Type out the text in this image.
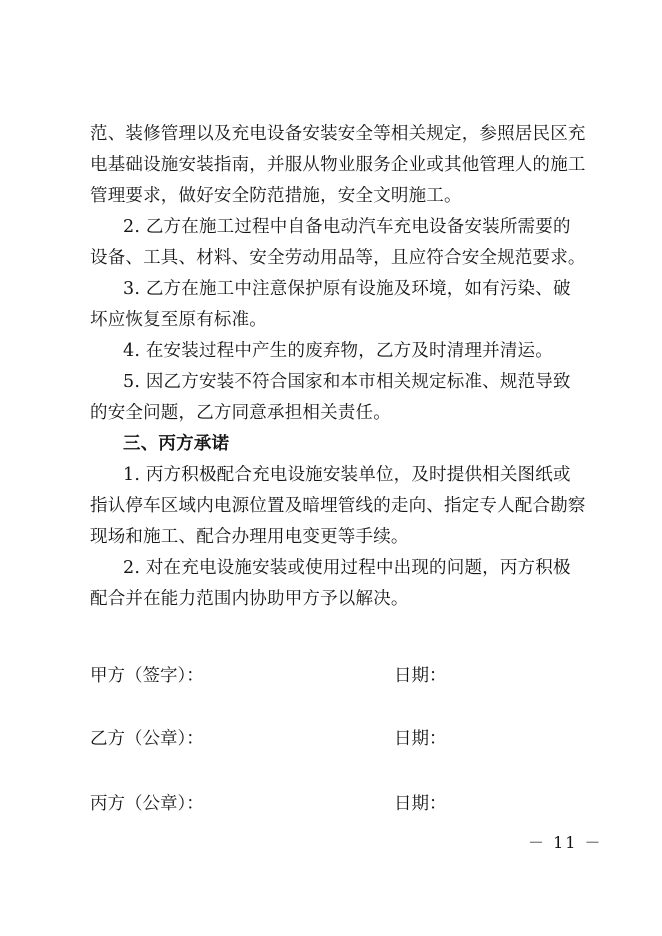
范、装修管理以及充电设备安装安全等相关规定，参照居民区充
电基础设施安装指南，并服从物业服务企业或其他管理人的施工
管理要求，做好安全防范措施，安全文明施工。
2. 乙方在施工过程中自备电动汽车充电设备安装所需要的
设备、工具、材料、安全劳动用品等，且应符合安全规范要求。
3. 乙方在施工中注意保护原有设施及环境，如有污染、破
坏应恢复至原有标准。
4. 在安装过程中产生的废弃物，乙方及时清理并清运。
5. 因乙方安装不符合国家和本市相关规定标准、规范导致
的安全问题，乙方同意承担相关责任。
三、丙方承诺
1. 丙方积极配合充电设施安装单位，及时提供相关图纸或
指认停车区域内电源位置及暗埋管线的走向、指定专人配合勘察
现场和施工、配合办理用电变更等手续。
2. 对在充电设施安装或使用过程中出现的问题，丙方积极
配合并在能力范围内协助甲方予以解决。
甲方（签字）：	日期：
乙方（公章）：	日期：
丙方（公章）：	日期：
－ 11 －
